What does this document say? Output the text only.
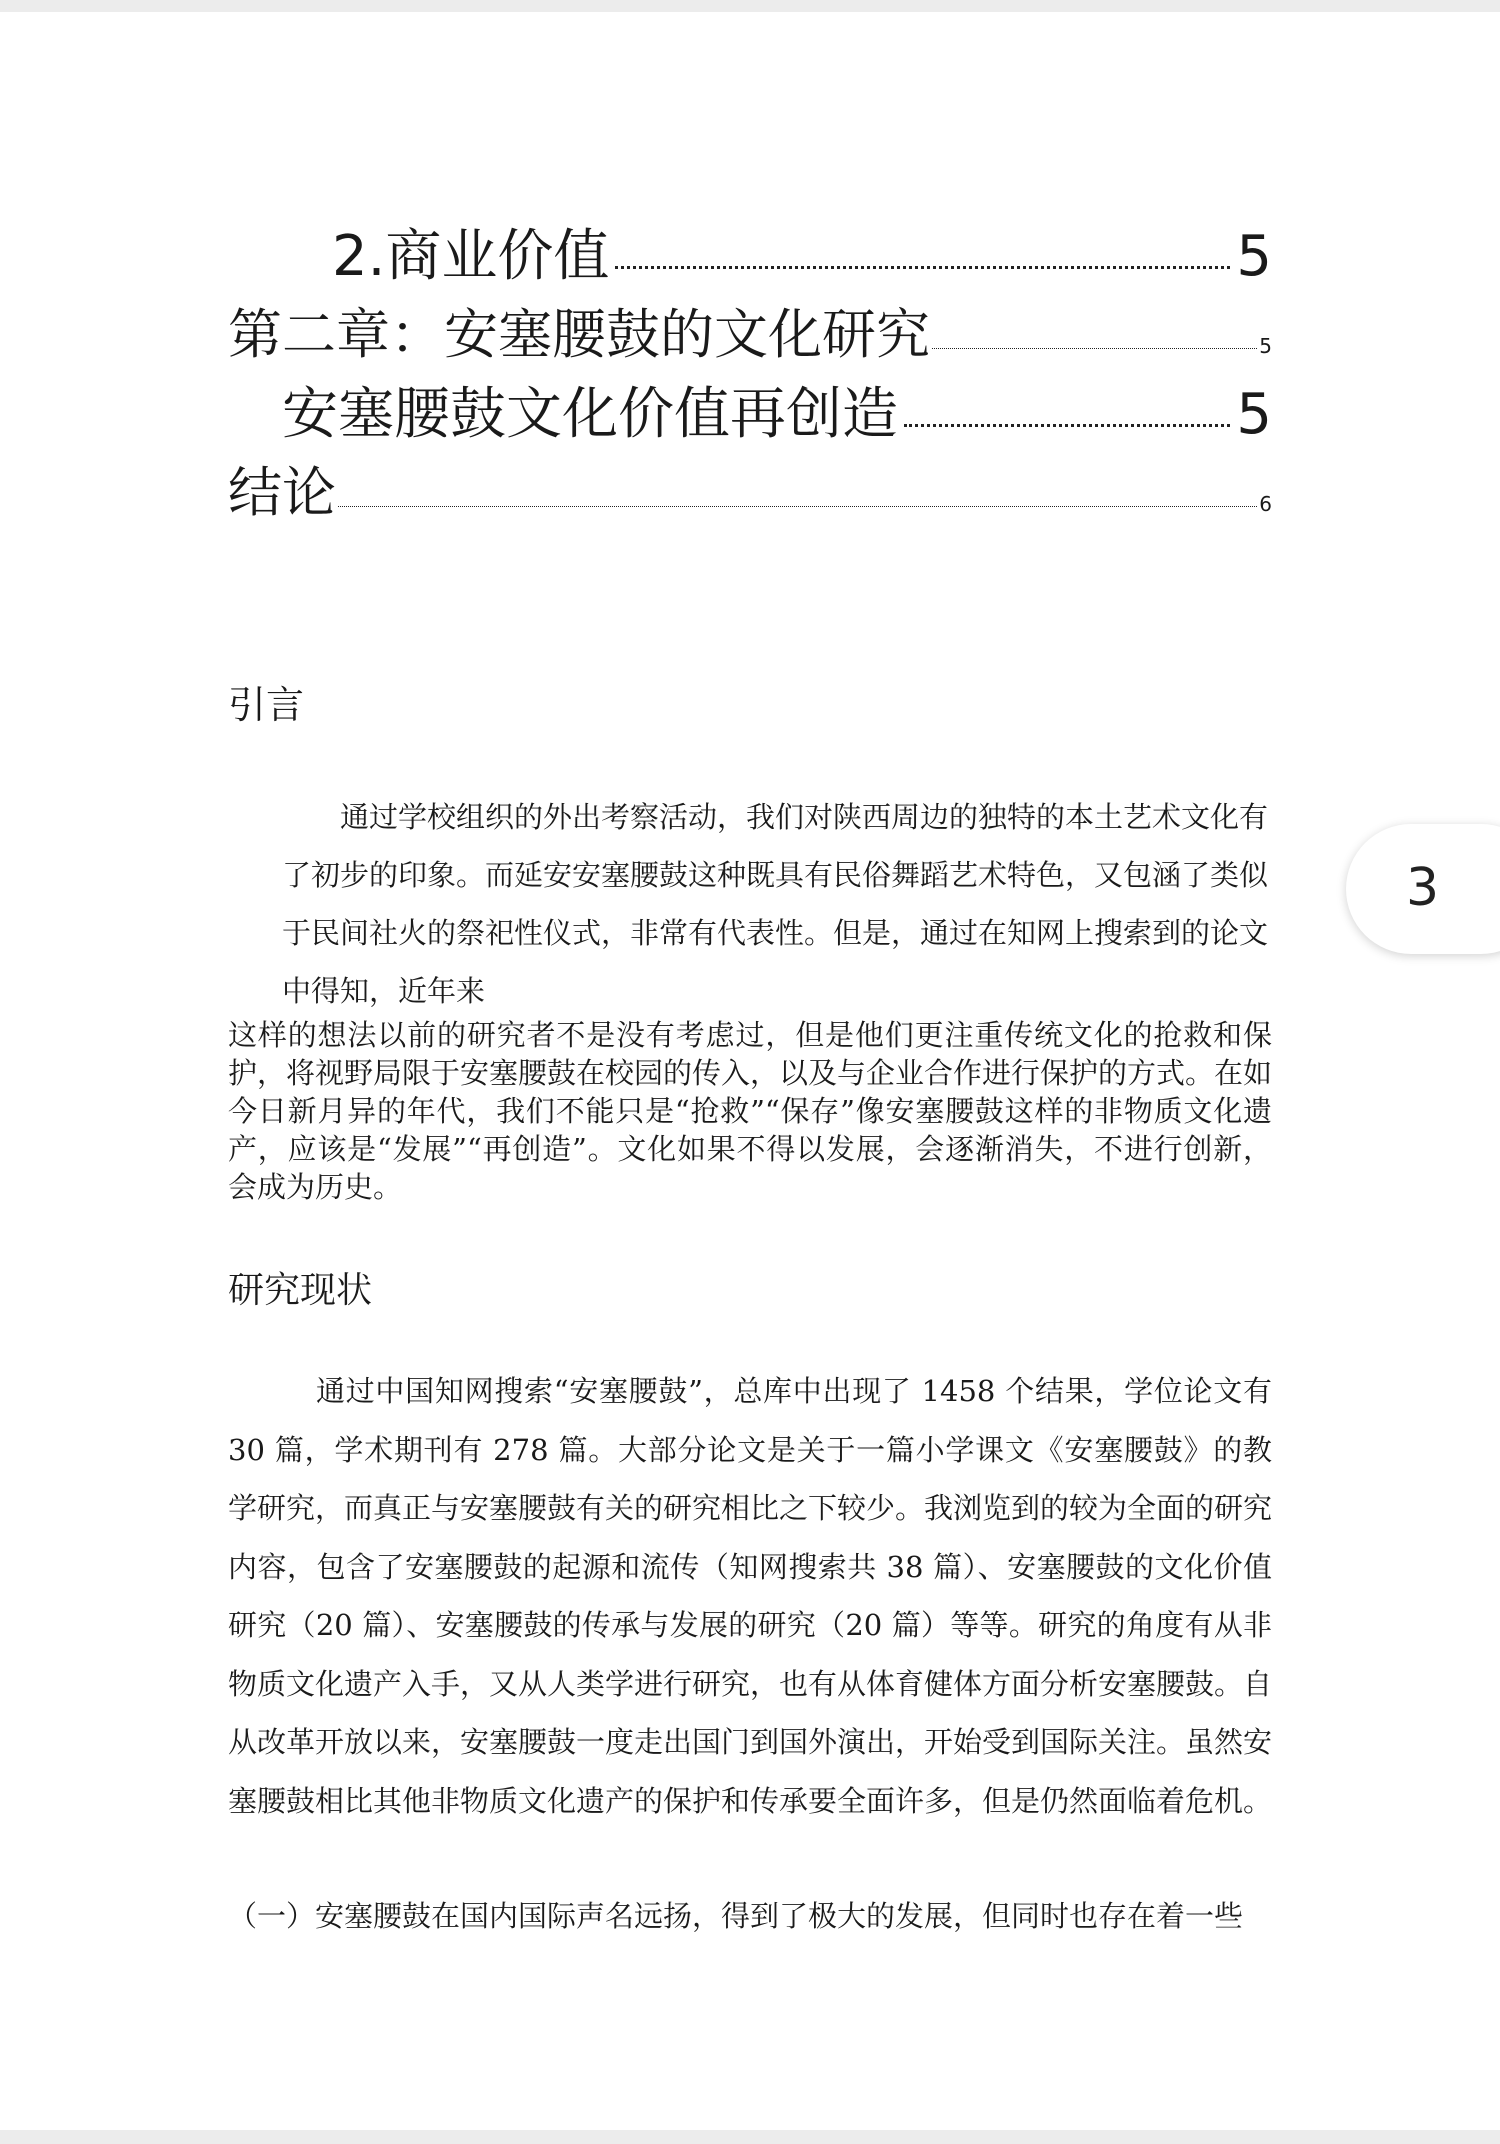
2.商业价值	5
第二章：安塞腰鼓的文化研究	5
安塞腰鼓文化价值再创造	5
结论	6
引言

通过学校组织的外出考察活动，我们对陕西周边的独特的本土艺术文化有了初步的印象。而延安安塞腰鼓这种既具有民俗舞蹈艺术特色，又包涵了类似于民间社火的祭祀性仪式，非常有代表性。但是，通过在知网上搜索到的论文中得知，近年来

这样的想法以前的研究者不是没有考虑过，但是他们更注重传统文化的抢救和保护，将视野局限于安塞腰鼓在校园的传入，以及与企业合作进行保护的方式。在如今日新月异的年代，我们不能只是“抢救”“保存”像安塞腰鼓这样的非物质文化遗产，应该是“发展”“再创造”。文化如果不得以发展，会逐渐消失，不进行创新，会成为历史。

研究现状

通过中国知网搜索“安塞腰鼓”，总库中出现了 1458 个结果，学位论文有 30 篇，学术期刊有 278 篇。大部分论文是关于一篇小学课文《安塞腰鼓》的教学研究，而真正与安塞腰鼓有关的研究相比之下较少。我浏览到的较为全面的研究内容，包含了安塞腰鼓的起源和流传（知网搜索共 38 篇）、安塞腰鼓的文化价值研究（20 篇）、安塞腰鼓的传承与发展的研究（20 篇）等等。研究的角度有从非物质文化遗产入手，又从人类学进行研究，也有从体育健体方面分析安塞腰鼓。自从改革开放以来，安塞腰鼓一度走出国门到国外演出，开始受到国际关注。虽然安塞腰鼓相比其他非物质文化遗产的保护和传承要全面许多，但是仍然面临着危机。

（一）安塞腰鼓在国内国际声名远扬，得到了极大的发展，但同时也存在着一些

3
